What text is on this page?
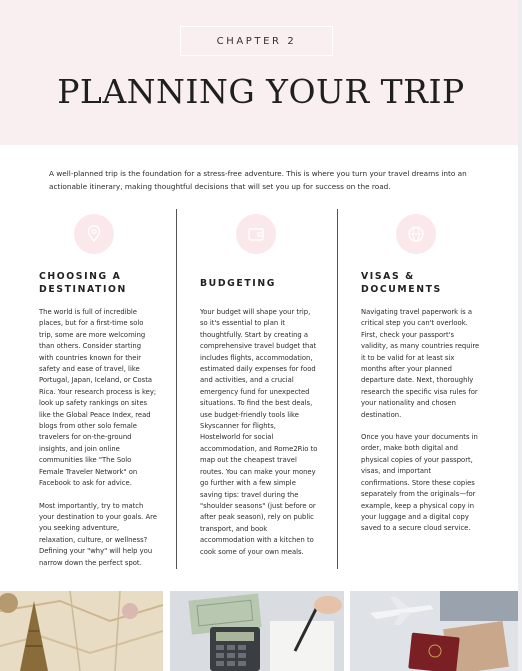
CHAPTER 2
PLANNING YOUR TRIP
A well-planned trip is the foundation for a stress-free adventure. This is where you turn your travel dreams into an actionable itinerary, making thoughtful decisions that will set you up for success on the road.
CHOOSING A
DESTINATION

The world is full of incredible places, but for a first-time solo trip, some are more welcoming than others. Consider starting with countries known for their safety and ease of travel, like Portugal, Japan, Iceland, or Costa Rica. Your research process is key; look up safety rankings on sites like the Global Peace Index, read blogs from other solo female travelers for on-the-ground insights, and join online communities like "The Solo Female Traveler Network" on Facebook to ask for advice.

Most importantly, try to match your destination to your goals. Are you seeking adventure, relaxation, culture, or wellness? Defining your "why" will help you narrow down the perfect spot.

BUDGETING

Your budget will shape your trip, so it's essential to plan it thoughtfully. Start by creating a comprehensive travel budget that includes flights, accommodation, estimated daily expenses for food and activities, and a crucial emergency fund for unexpected situations. To find the best deals, use budget-friendly tools like Skyscanner for flights, Hostelworld for social accommodation, and Rome2Rio to map out the cheapest travel routes. You can make your money go further with a few simple saving tips: travel during the "shoulder seasons" (just before or after peak season), rely on public transport, and book accommodation with a kitchen to cook some of your own meals.

VISAS &
DOCUMENTS

Navigating travel paperwork is a critical step you can't overlook. First, check your passport's validity, as many countries require it to be valid for at least six months after your planned departure date. Next, thoroughly research the specific visa rules for your nationality and chosen destination.

Once you have your documents in order, make both digital and physical copies of your passport, visas, and important confirmations. Store these copies separately from the originals—for example, keep a physical copy in your luggage and a digital copy saved to a secure cloud service.
